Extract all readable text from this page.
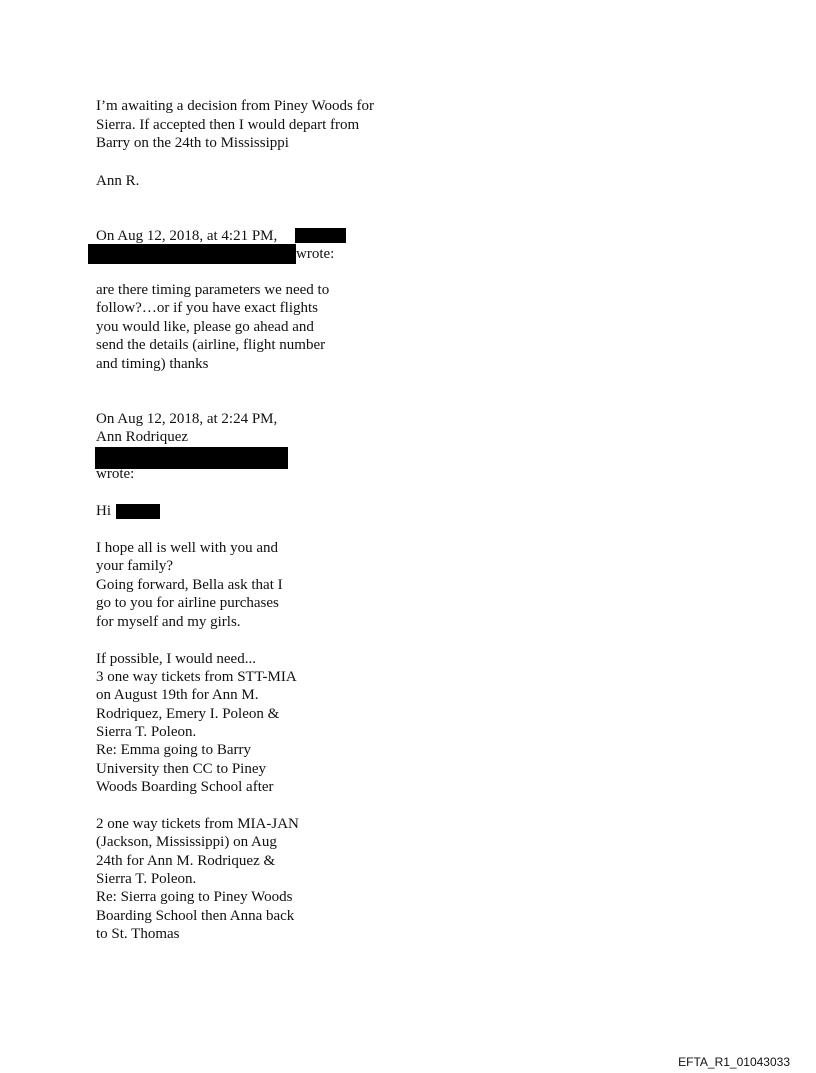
I’m awaiting a decision from Piney Woods for
Sierra. If accepted then I would depart from
Barry on the 24th to Mississippi
Ann R.
On Aug 12, 2018, at 4:21 PM,
wrote:
are there timing parameters we need to
follow?…or if you have exact flights
you would like, please go ahead and
send the details (airline, flight number
and timing) thanks
On Aug 12, 2018, at 2:24 PM,
Ann Rodriquez
wrote:
Hi
I hope all is well with you and
your family?
Going forward, Bella ask that I
go to you for airline purchases
for myself and my girls.
If possible, I would need...
3 one way tickets from STT-MIA
on August 19th for Ann M.
Rodriquez, Emery I. Poleon &
Sierra T. Poleon.
Re: Emma going to Barry
University then CC to Piney
Woods Boarding School after
2 one way tickets from MIA-JAN
(Jackson, Mississippi) on Aug
24th for Ann M. Rodriquez &
Sierra T. Poleon.
Re: Sierra going to Piney Woods
Boarding School then Anna back
to St. Thomas
EFTA_R1_01043033
